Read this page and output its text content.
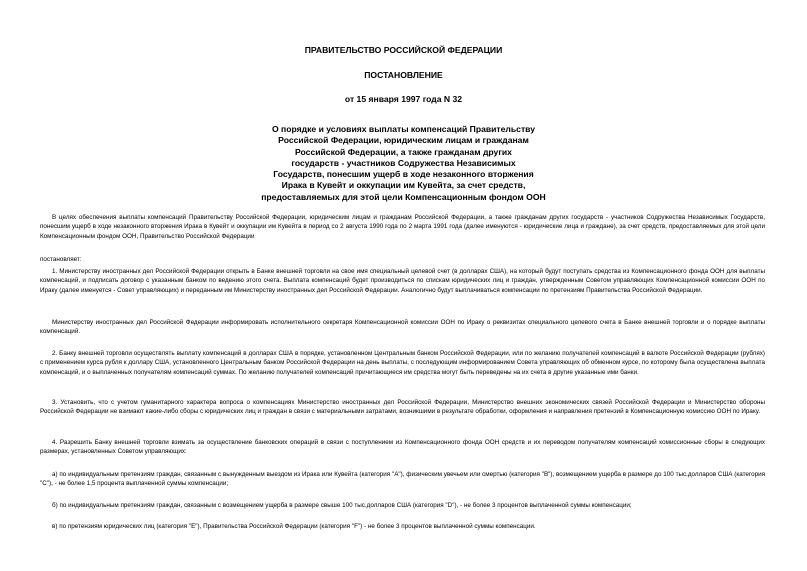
ПРАВИТЕЛЬСТВО РОССИЙСКОЙ ФЕДЕРАЦИИ
ПОСТАНОВЛЕНИЕ
от 15 января 1997 года N 32
О порядке и условиях выплаты компенсаций Правительству
Российской Федерации, юридическим лицам и гражданам
Российской Федерации, а также гражданам других
государств - участников Содружества Независимых
Государств, понесшим ущерб в ходе незаконного вторжения
Ирака в Кувейт и оккупации им Кувейта, за счет средств,
предоставляемых для этой цели Компенсационным фондом ООН
В целях обеспечения выплаты компенсаций Правительству Российской Федерации, юридическим лицам и гражданам Российской Федерации, а также гражданам других государств - участников Содружества Независимых Государств, понесшим ущерб в ходе незаконного вторжения Ирака в Кувейт и оккупации им Кувейта в период со 2 августа 1990 года по 2 марта 1991 года (далее именуются - юридические лица и граждане), за счет средств, предоставляемых для этой цели Компенсационным фондом ООН, Правительство Российской Федерации
постановляет:
1. Министерству иностранных дел Российской Федерации открыть в Банке внешней торговли на свое имя специальный целевой счет (в долларах США), на который будут поступать средства из Компенсационного фонда ООН для выплаты компенсаций, и подписать договор с указанным банком по ведению этого счета. Выплата компенсаций будет производиться по спискам юридических лиц и граждан, утвержденным Советом управляющих Компенсационной комиссии ООН по Ираку (далее именуется - Совет управляющих) и переданным им Министерству иностранных дел Российской Федерации. Аналогично будут выплачиваться компенсации по претензиям Правительства Российской Федерации.
Министерству иностранных дел Российской Федерации информировать исполнительного секретаря Компенсационной комиссии ООН по Ираку о реквизитах специального целевого счета в Банке внешней торговли и о порядке выплаты компенсаций.
2. Банку внешней торговли осуществлять выплату компенсаций в долларах США в порядке, установленном Центральным банком Российской Федерации, или по желанию получателей компенсаций в валюте Российской Федерации (рублях) с применением курса рубля к доллару США, установленного Центральным банком Российской Федерации на день выплаты, с последующим информированием Совета управляющих об обменном курсе, по которому была осуществлена выплата компенсаций, и о выплаченных получателям компенсаций суммах. По желанию получателей компенсаций причитающиеся им средства могут быть переведены на их счета в другие указанные ими банки.
3. Установить, что с учетом гуманитарного характера вопроса о компенсациях Министерство иностранных дел Российской Федерации, Министерство внешних экономических связей Российской Федерации и Министерство обороны Российской Федерации не взимают какие-либо сборы с юридических лиц и граждан в связи с материальными затратами, возникшими в результате обработки, оформления и направления претензий в Компенсационную комиссию ООН по Ираку.
4. Разрешить Банку внешней торговли взимать за осуществление банковских операций в связи с поступлением из Компенсационного фонда ООН средств и их переводом получателям компенсаций комиссионные сборы в следующих размерах, установленных Советом управляющих:
а) по индивидуальным претензиям граждан, связанным с вынужденным выездом из Ирака или Кувейта (категория "A"), физическим увечьем или смертью (категория "B"), возмещением ущерба в размере до 100 тыс.долларов США (категория "C"), - не более 1,5 процента выплаченной суммы компенсации;
б) по индивидуальным претензиям граждан, связанным с возмещением ущерба в размере свыше 100 тыс.долларов США (категория "D"), - не более 3 процентов выплаченной суммы компенсации;
в) по претензиям юридических лиц (категория "E"), Правительства Российской Федерации (категория "F") - не более 3 процентов выплаченной суммы компенсации.
